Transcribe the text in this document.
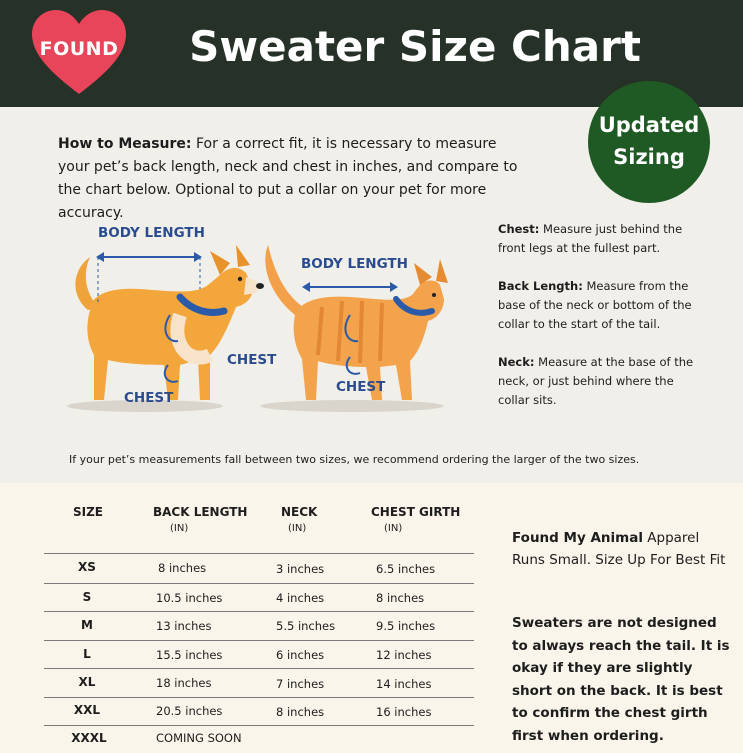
FOUND Sweater Size Chart
Updated
Sizing
How to Measure: For a correct fit, it is necessary to measure your pet’s back length, neck and chest in inches, and compare to the chart below. Optional to put a collar on your pet for more accuracy.
BODY LENGTH
CHEST
CHEST
BODY LENGTH
CHEST
Chest: Measure just behind the front legs at the fullest part.
Back Length: Measure from the base of the neck or bottom of the collar to the start of the tail.
Neck: Measure at the base of the neck, or just behind where the collar sits.
If your pet’s measurements fall between two sizes, we recommend ordering the larger of the two sizes.
SIZE	BACK LENGTH	NECK	CHEST GIRTH
(IN)	(IN)	(IN)
XS	8 inches	3 inches	6.5 inches
S	10.5 inches	4 inches	8 inches
M	13 inches	5.5 inches	9.5 inches
L	15.5 inches	6 inches	12 inches
XL	18 inches	7 inches	14 inches
XXL	20.5 inches	8 inches	16 inches
XXXL	COMING SOON
Found My Animal Apparel Runs Small. Size Up For Best Fit
Sweaters are not designed to always reach the tail. It is okay if they are slightly short on the back. It is best to confirm the chest girth first when ordering.
